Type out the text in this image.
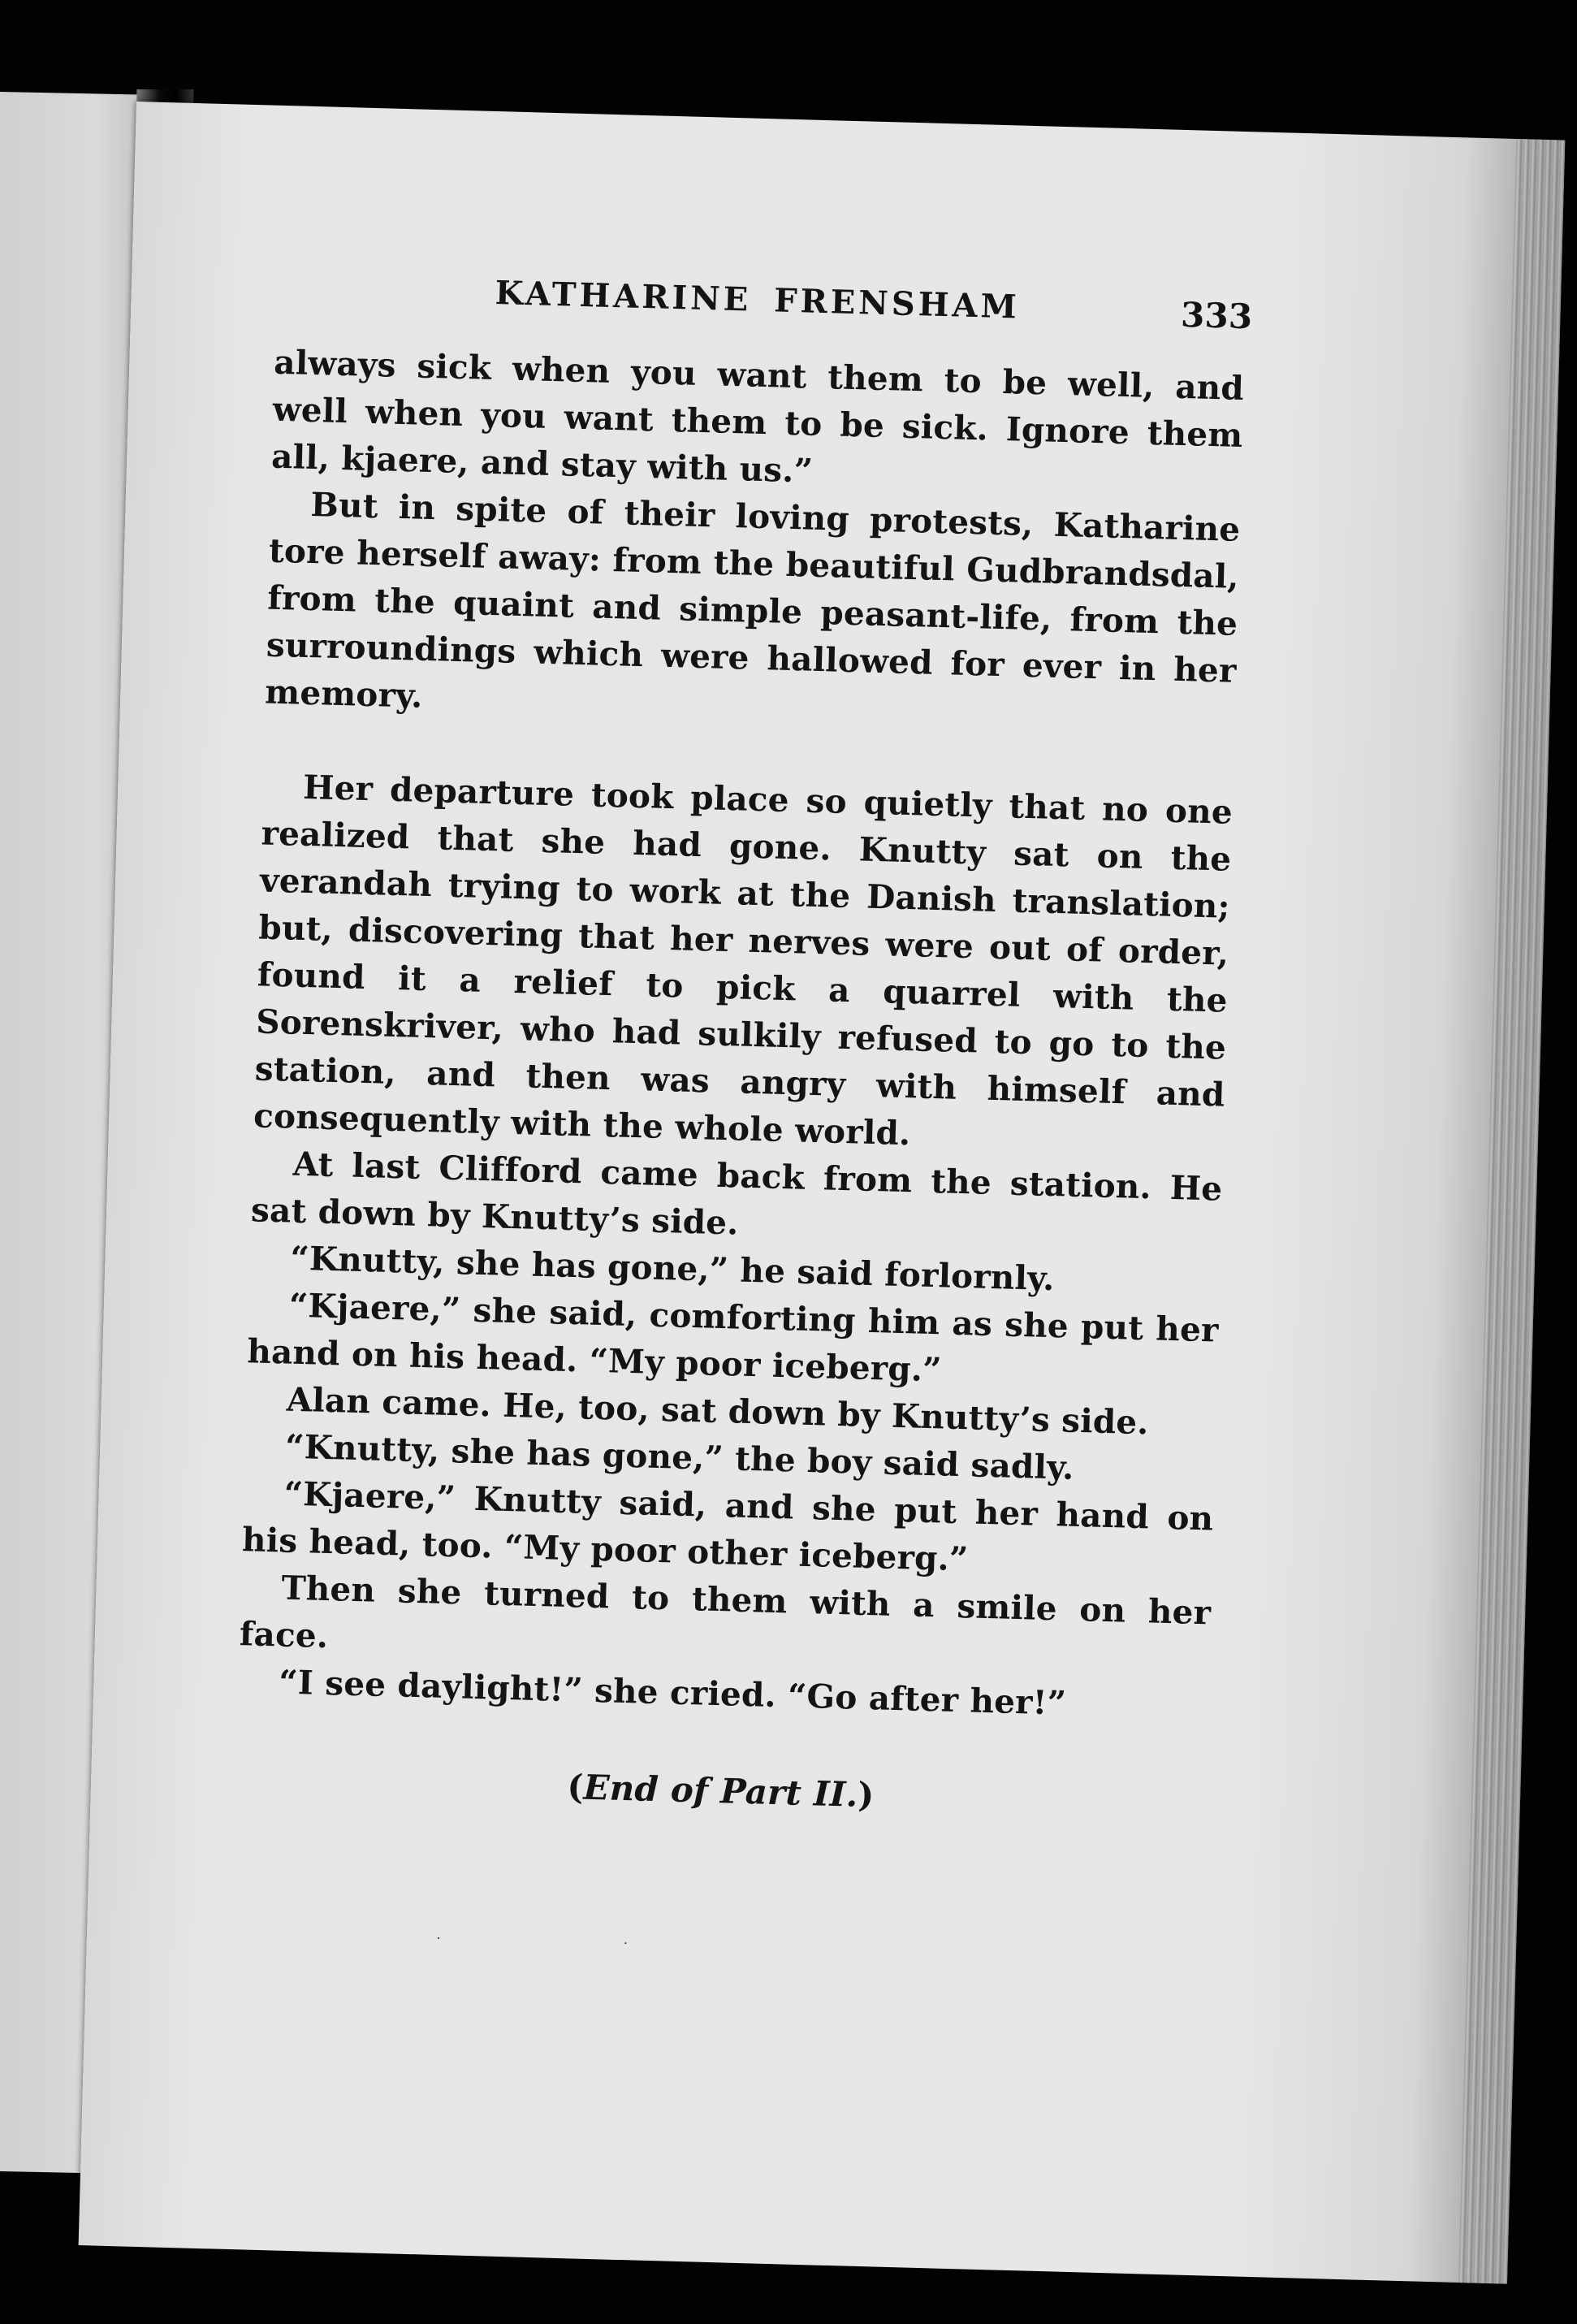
KATHARINE FRENSHAM	333

always sick when you want them to be well, and well when you want them to be sick. Ignore them all, kjaere, and stay with us.”

But in spite of their loving protests, Katharine tore herself away: from the beautiful Gudbrandsdal, from the quaint and simple peasant-life, from the surroundings which were hallowed for ever in her memory.

Her departure took place so quietly that no one realized that she had gone. Knutty sat on the verandah trying to work at the Danish translation; but, discovering that her nerves were out of order, found it a relief to pick a quarrel with the Sorenskriver, who had sulkily refused to go to the station, and then was angry with himself and consequently with the whole world.

At last Clifford came back from the station. He sat down by Knutty’s side.

“Knutty, she has gone,” he said forlornly.

“Kjaere,” she said, comforting him as she put her hand on his head. “My poor iceberg.”

Alan came. He, too, sat down by Knutty’s side.

“Knutty, she has gone,” the boy said sadly.

“Kjaere,” Knutty said, and she put her hand on his head, too. “My poor other iceberg.”

Then she turned to them with a smile on her face.

“I see daylight!” she cried. “Go after her!”

(End of Part II.)

· ·
